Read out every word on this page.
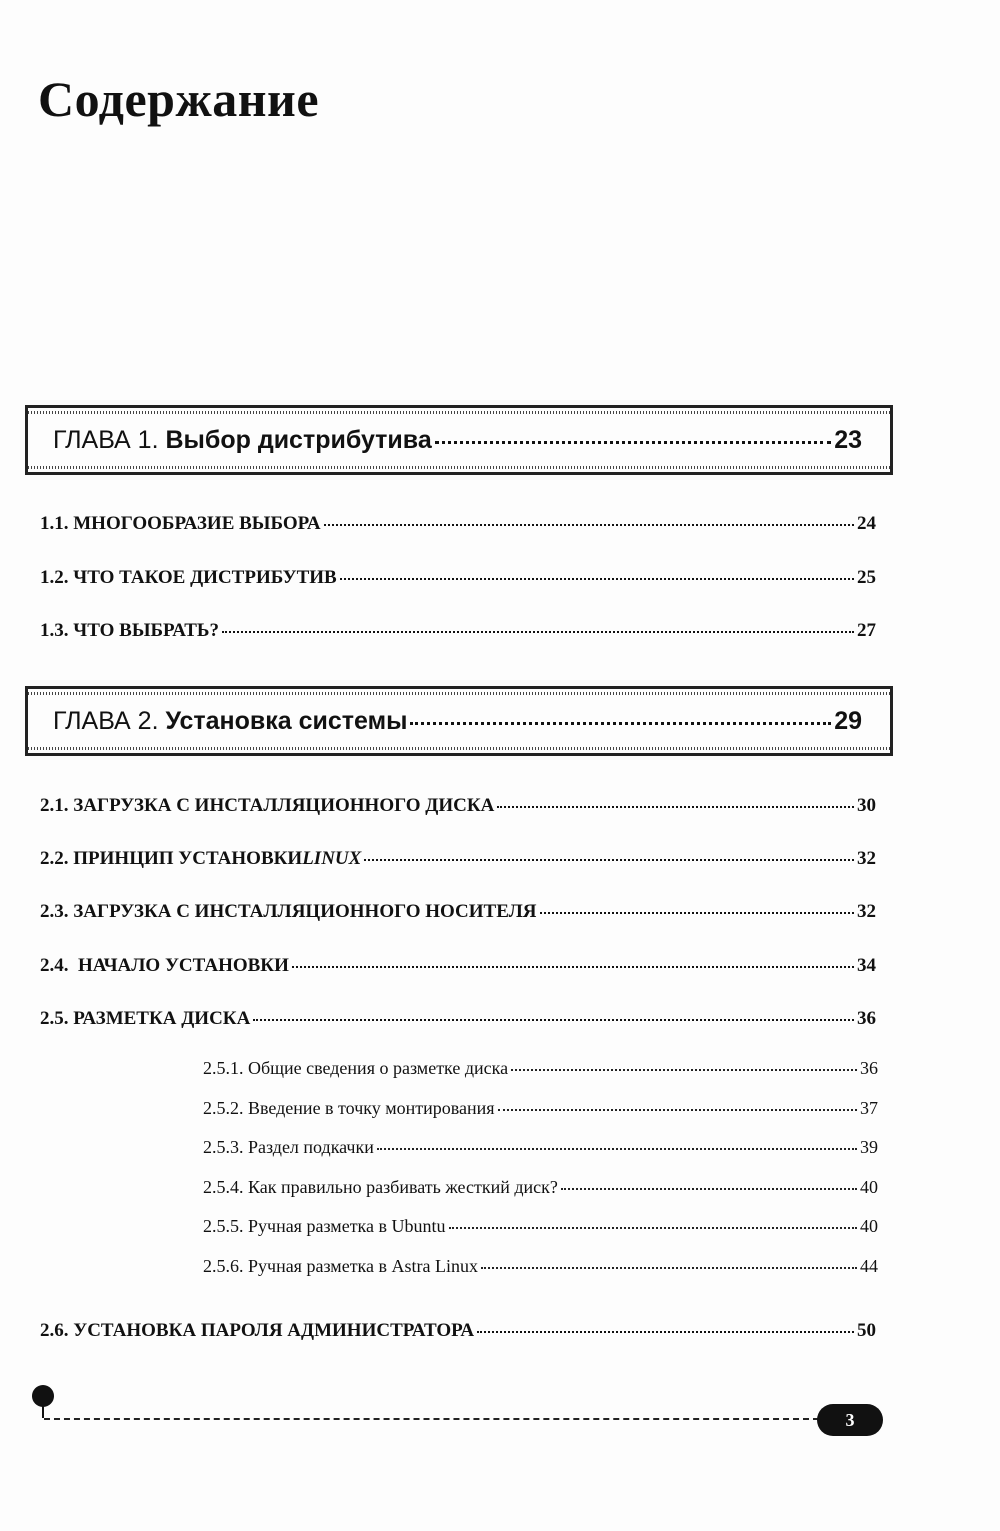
Содержание
ГЛАВА 1. Выбор дистрибутива	23
1.1. МНОГООБРАЗИЕ ВЫБОРА	24
1.2. ЧТО ТАКОЕ ДИСТРИБУТИВ	25
1.3. ЧТО ВЫБРАТЬ?	27
ГЛАВА 2. Установка системы	29
2.1. ЗАГРУЗКА С ИНСТАЛЛЯЦИОННОГО ДИСКА	30
2.2. ПРИНЦИП УСТАНОВКИ LINUX	32
2.3. ЗАГРУЗКА С ИНСТАЛЛЯЦИОННОГО НОСИТЕЛЯ	32
2.4. НАЧАЛО УСТАНОВКИ	34
2.5. РАЗМЕТКА ДИСКА	36
2.5.1. Общие сведения о разметке диска	36
2.5.2. Введение в точку монтирования	37
2.5.3. Раздел подкачки	39
2.5.4. Как правильно разбивать жесткий диск?	40
2.5.5. Ручная разметка в Ubuntu	40
2.5.6. Ручная разметка в Astra Linux	44
2.6. УСТАНОВКА ПАРОЛЯ АДМИНИСТРАТОРА	50
3
